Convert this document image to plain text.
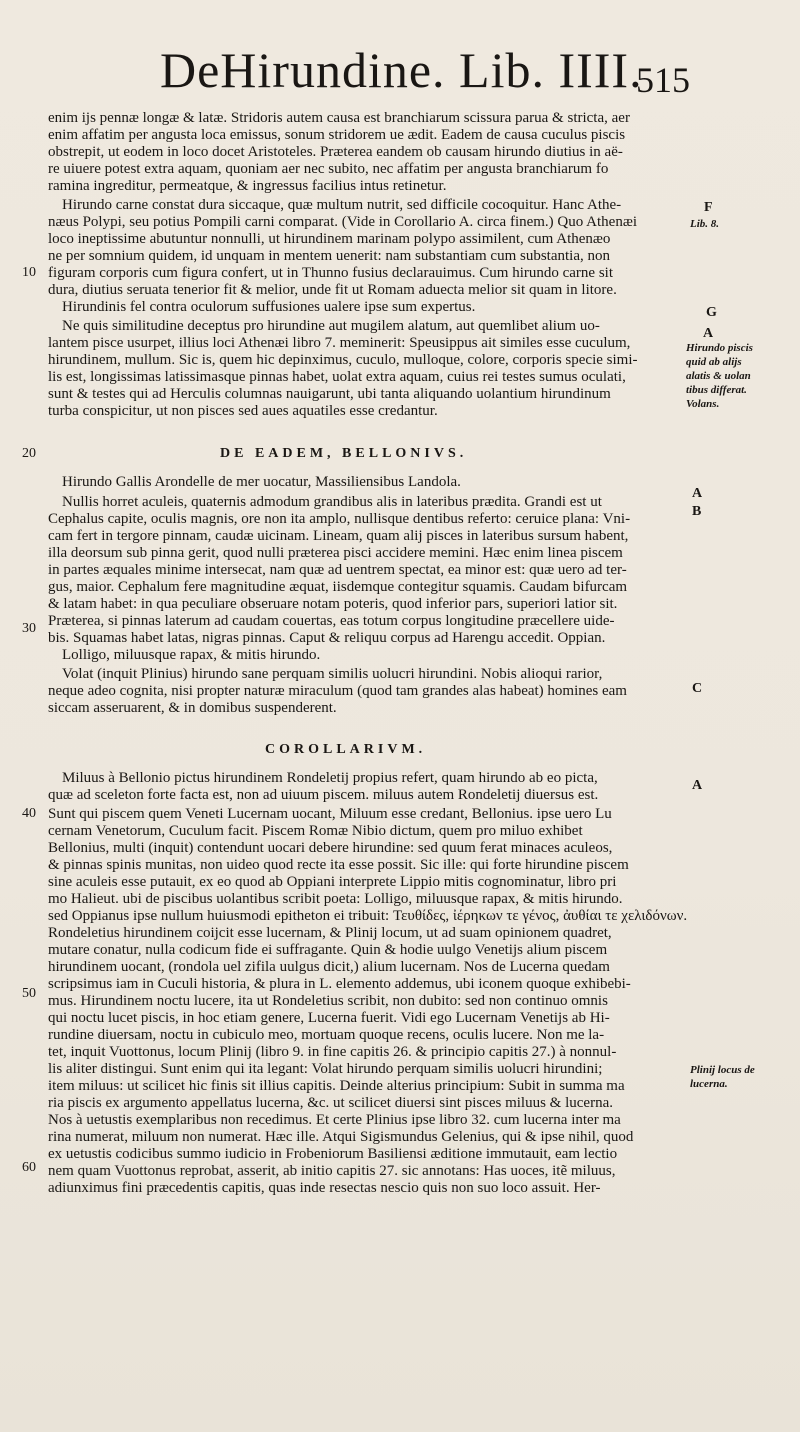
DeHirundine. Lib. IIII.
515
enim ijs pennæ longæ & latæ. Stridoris autem causa est branchiarum scissura parua & stricta, aer
enim affatim per angusta loca emissus, sonum stridorem ue ædit. Eadem de causa cuculus piscis
obstrepit, ut eodem in loco docet Aristoteles. Præterea eandem ob causam hirundo diutius in aë-
re uiuere potest extra aquam, quoniam aer nec subito, nec affatim per angusta branchiarum fo
ramina ingreditur, permeatque, & ingressus facilius intus retinetur.
Hirundo carne constat dura siccaque, quæ multum nutrit, sed difficile cocoquitur. Hanc Athe-
næus Polypi, seu potius Pompili carni comparat. (Vide in Corollario A. circa finem.) Quo Athenæi
loco ineptissime abutuntur nonnulli, ut hirundinem marinam polypo assimilent, cum Athenæo
ne per somnium quidem, id unquam in mentem uenerit: nam substantiam cum substantia, non
figuram corporis cum figura confert, ut in Thunno fusius declarauimus. Cum hirundo carne sit
dura, diutius seruata tenerior fit & melior, unde fit ut Romam aduecta melior sit quam in litore.
Hirundinis fel contra oculorum suffusiones ualere ipse sum expertus.
Ne quis similitudine deceptus pro hirundine aut mugilem alatum, aut quemlibet alium uo-
lantem pisce usurpet, illius loci Athenæi libro 7. meminerit: Speusippus ait similes esse cuculum,
hirundinem, mullum. Sic is, quem hic depinximus, cuculo, mulloque, colore, corporis specie simi-
lis est, longissimas latissimasque pinnas habet, uolat extra aquam, cuius rei testes sumus oculati,
sunt & testes qui ad Herculis columnas nauigarunt, ubi tanta aliquando uolantium hirundinum
turba conspicitur, ut non pisces sed aues aquatiles esse credantur.
DE EADEM, BELLONIVS.
Hirundo Gallis Arondelle de mer uocatur, Massiliensibus Landola.
Nullis horret aculeis, quaternis admodum grandibus alis in lateribus prædita. Grandi est ut
Cephalus capite, oculis magnis, ore non ita amplo, nullisque dentibus referto: ceruice plana: Vni-
cam fert in tergore pinnam, caudæ uicinam. Lineam, quam alij pisces in lateribus sursum habent,
illa deorsum sub pinna gerit, quod nulli præterea pisci accidere memini. Hæc enim linea piscem
in partes æquales minime intersecat, nam quæ ad uentrem spectat, ea minor est: quæ uero ad ter-
gus, maior. Cephalum fere magnitudine æquat, iisdemque contegitur squamis. Caudam bifurcam
& latam habet: in qua peculiare obseruare notam poteris, quod inferior pars, superiori latior sit.
Præterea, si pinnas laterum ad caudam couertas, eas totum corpus longitudine præcellere uide-
bis. Squamas habet latas, nigras pinnas. Caput & reliquu corpus ad Harengu accedit. Oppian.
Lolligo, miluusque rapax, & mitis hirundo.
Volat (inquit Plinius) hirundo sane perquam similis uolucri hirundini. Nobis alioqui rarior,
neque adeo cognita, nisi propter naturæ miraculum (quod tam grandes alas habeat) homines eam
siccam asseruarent, & in domibus suspenderent.
COROLLARIVM.
Miluus à Bellonio pictus hirundinem Rondeletij propius refert, quam hirundo ab eo picta,
quæ ad sceleton forte facta est, non ad uiuum piscem. miluus autem Rondeletij diuersus est.
Sunt qui piscem quem Veneti Lucernam uocant, Miluum esse credant, Bellonius. ipse uero Lu
cernam Venetorum, Cuculum facit. Piscem Romæ Nibio dictum, quem pro miluo exhibet
Bellonius, multi (inquit) contendunt uocari debere hirundine: sed quum ferat minaces aculeos,
& pinnas spinis munitas, non uideo quod recte ita esse possit. Sic ille: qui forte hirundine piscem
sine aculeis esse putauit, ex eo quod ab Oppiani interprete Lippio mitis cognominatur, libro pri
mo Halieut. ubi de piscibus uolantibus scribit poeta: Lolligo, miluusque rapax, & mitis hirundo.
sed Oppianus ipse nullum huiusmodi epitheton ei tribuit: Τευθίδες, ἰέρηκων τε γένος, ἀυθίαι τε χελιδόνων.
Rondeletius hirundinem coijcit esse lucernam, & Plinij locum, ut ad suam opinionem quadret,
mutare conatur, nulla codicum fide ei suffragante. Quin & hodie uulgo Venetijs alium piscem
hirundinem uocant, (rondola uel zifila uulgus dicit,) alium lucernam. Nos de Lucerna quedam
scripsimus iam in Cuculi historia, & plura in L. elemento addemus, ubi iconem quoque exhibebi-
mus. Hirundinem noctu lucere, ita ut Rondeletius scribit, non dubito: sed non continuo omnis
qui noctu lucet piscis, in hoc etiam genere, Lucerna fuerit. Vidi ego Lucernam Venetijs ab Hi-
rundine diuersam, noctu in cubiculo meo, mortuam quoque recens, oculis lucere. Non me la-
tet, inquit Vuottonus, locum Plinij (libro 9. in fine capitis 26. & principio capitis 27.) à nonnul-
lis aliter distingui. Sunt enim qui ita legant: Volat hirundo perquam similis uolucri hirundini;
item miluus: ut scilicet hic finis sit illius capitis. Deinde alterius principium: Subit in summa ma
ria piscis ex argumento appellatus lucerna, &c. ut scilicet diuersi sint pisces miluus & lucerna.
Nos à uetustis exemplaribus non recedimus. Et certe Plinius ipse libro 32. cum lucerna inter ma
rina numerat, miluum non numerat. Hæc ille. Atqui Sigismundus Gelenius, qui & ipse nihil, quod
ex uetustis codicibus summo iudicio in Frobeniorum Basiliensi æditione immutauit, eam lectio
nem quam Vuottonus reprobat, asserit, ab initio capitis 27. sic annotans: Has uoces, itẽ miluus,
adiunximus fini præcedentis capitis, quas inde resectas nescio quis non suo loco assuit. Her-
F
G
A
A
B
C
A
Lib. 8.
Hirundo piscis
quid ab alijs
alatis & uolan
tibus differat.
Volans.
Plinij locus de
lucerna.
10
20
30
40
50
60
